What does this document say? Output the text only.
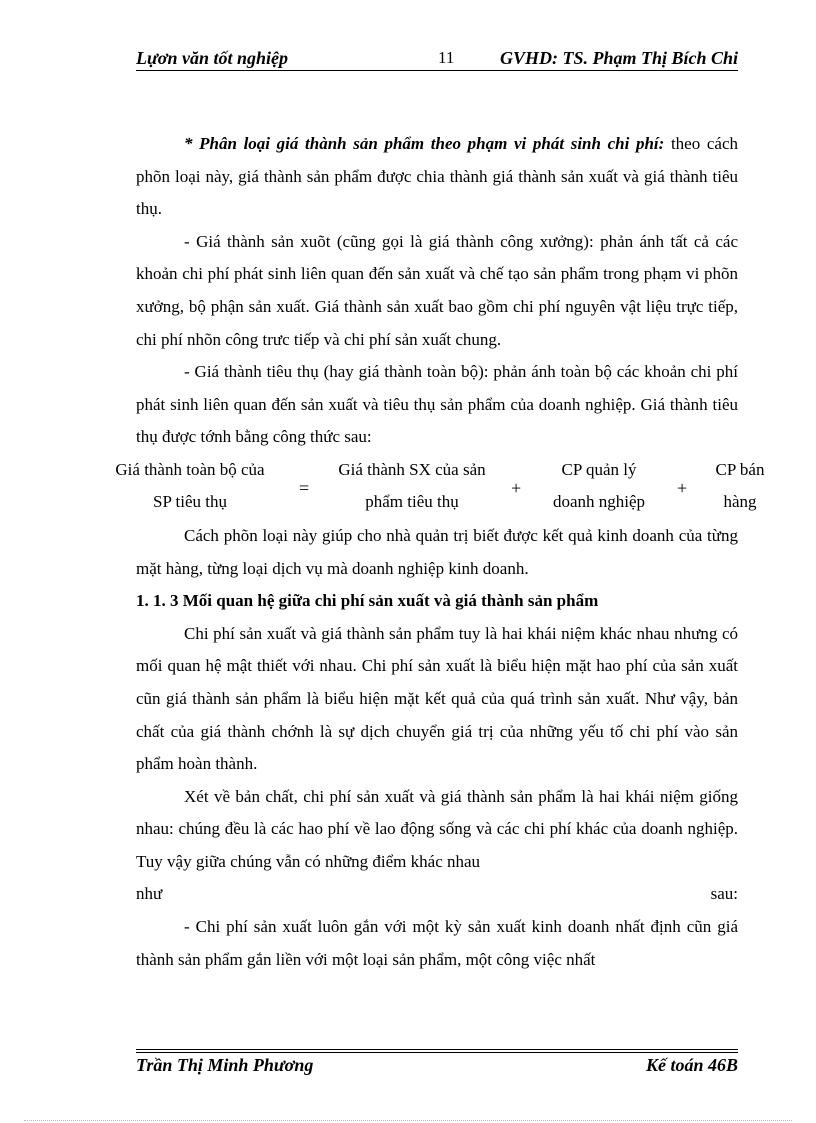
Lựơn văn tốt nghiệp	11	GVHD: TS. Phạm Thị Bích Chi

* Phân loại giá thành sản phẩm theo phạm vi phát sinh chi phí: theo cách phõn loại này, giá thành sản phẩm được chia thành giá thành sản xuất và giá thành tiêu thụ.

- Giá thành sản xuõt (cũng gọi là giá thành công xưởng): phản ánh tất cả các khoản chi phí phát sinh liên quan đến sản xuất và chế tạo sản phẩm trong phạm vi phõn xưởng, bộ phận sản xuất. Giá thành sản xuất bao gồm chi phí nguyên vật liệu trực tiếp, chi phí nhõn công trưc tiếp và chi phí sản xuất chung.

- Giá thành tiêu thụ (hay giá thành toàn bộ): phản ánh toàn bộ các khoản chi phí phát sinh liên quan đến sản xuất và tiêu thụ sản phẩm của doanh nghiệp. Giá thành tiêu thụ được tớnh bằng công thức sau:

Giá thành toàn bộ của
SP tiêu thụ
=
Giá thành SX của sản
phẩm tiêu thụ
+
CP quản lý
doanh nghiệp
+
CP bán
hàng

Cách phõn loại này giúp cho nhà quản trị biết được kết quả kinh doanh của từng mặt hàng, từng loại dịch vụ mà doanh nghiệp kinh doanh.

1. 1. 3 Mối quan hệ giữa chi phí sản xuất và giá thành sản phẩm

Chi phí sản xuất và giá thành sản phẩm tuy là hai khái niệm khác nhau nhưng có mối quan hệ mật thiết với nhau. Chi phí sản xuất là biểu hiện mặt hao phí của sản xuất cũn giá thành sản phẩm là biểu hiện mặt kết quả của quá trình sản xuất. Như vậy, bản chất của giá thành chớnh là sự dịch chuyển giá trị của những yếu tố chi phí vào sản phẩm hoàn thành.

Xét về bản chất, chi phí sản xuất và giá thành sản phẩm là hai khái niệm giống nhau: chúng đều là các hao phí về lao động sống và các chi phí khác của doanh nghiệp. Tuy vậy giữa chúng vẫn có những điểm khác nhau

như	sau:

- Chi phí sản xuất luôn gắn với một kỳ sản xuất kinh doanh nhất định cũn giá thành sản phẩm gắn liền với một loại sản phẩm, một công việc nhất

Trần Thị Minh Phương	Kế toán 46B
